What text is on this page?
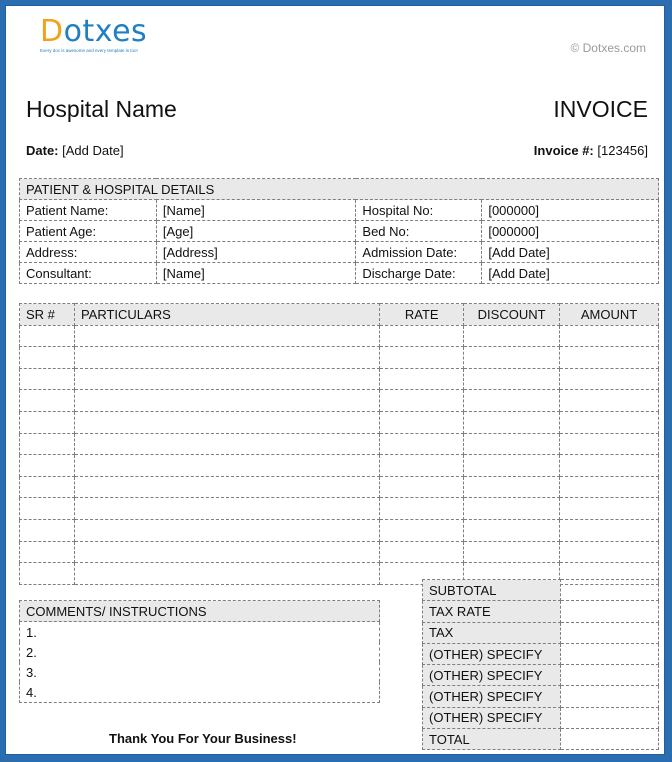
Dotxes
Every doc is awesome and every template is too!	© Dotxes.com
Hospital Name	INVOICE
Date: [Add Date]	Invoice #: [123456]
PATIENT & HOSPITAL DETAILS			
Patient Name:	[Name]	Hospital No:	[000000]
Patient Age:	[Age]	Bed No:	[000000]
Address:	[Address]	Admission Date:	[Add Date]
Consultant:	[Name]	Discharge Date:	[Add Date]
SR #	PARTICULARS	RATE	DISCOUNT	AMOUNT

COMMENTS/ INSTRUCTIONS
1.
2.
3.
4.
SUBTOTAL	
TAX RATE	
TAX	
(OTHER) SPECIFY	
(OTHER) SPECIFY	
(OTHER) SPECIFY	
(OTHER) SPECIFY	
TOTAL	
Thank You For Your Business!
